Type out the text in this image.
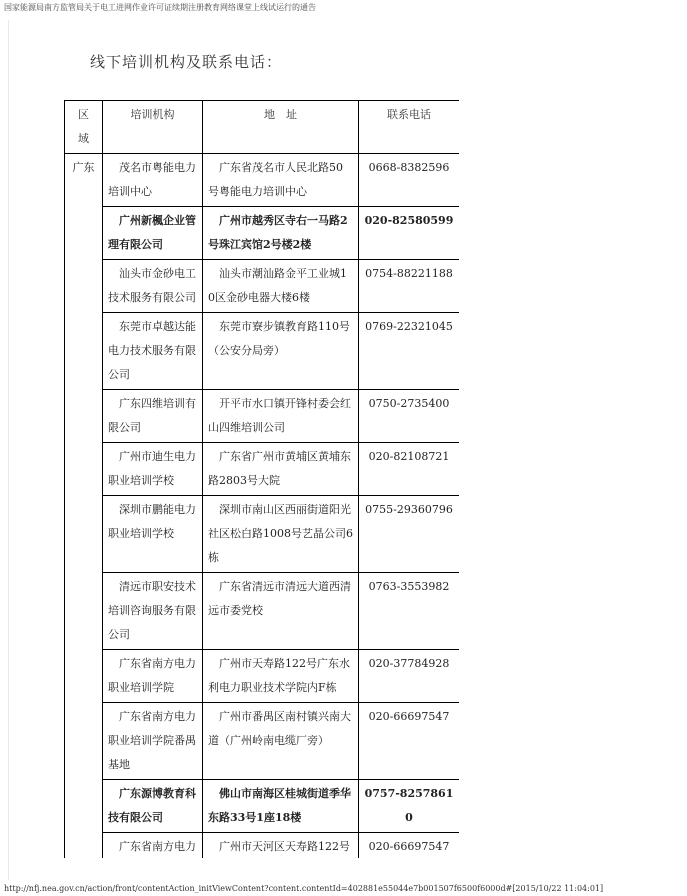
国家能源局南方监管局关于电工进网作业许可证续期注册教育网络课堂上线试运行的通告
线下培训机构及联系电话：
区域	培训机构	地　址	联系电话
广东	茂名市粤能电力培训中心	广东省茂名市人民北路50号粤能电力培训中心	0668-8382596
	广州新楓企业管理有限公司	广州市越秀区寺右一马路2号珠江宾馆2号楼2楼	020-82580599
	汕头市金砂电工技术服务有限公司	汕头市潮汕路金平工业城10区金砂电器大楼6楼	0754-88221188
	东莞市卓越达能电力技术服务有限公司	东莞市寮步镇教育路110号（公安分局旁）	0769-22321045
	广东四维培训有限公司	开平市水口镇开锋村委会红山四维培训公司	0750-2735400
	广州市迪生电力职业培训学校	广东省广州市黄埔区黄埔东路2803号大院	020-82108721
	深圳市鹏能电力职业培训学校	深圳市南山区西丽街道阳光社区松白路1008号艺晶公司6栋	0755-29360796
	清远市职安技术培训咨询服务有限公司	广东省清远市清远大道西清远市委党校	0763-3553982
	广东省南方电力职业培训学院	广州市天寿路122号广东水利电力职业技术学院内F栋	020-37784928
	广东省南方电力职业培训学院番禺基地	广州市番禺区南村镇兴南大道（广州岭南电缆厂旁）	020-66697547
	广东源博教育科技有限公司	佛山市南海区桂城街道季华东路33号1座18楼	0757-82578610
	广东省南方电力	广州市天河区天寿路122号	020-66697547

http://nfj.nea.gov.cn/action/front/contentAction_initViewContent?content.contentId=402881e55044e7b001507f6500f6000d#[2015/10/22 11:04:01]
